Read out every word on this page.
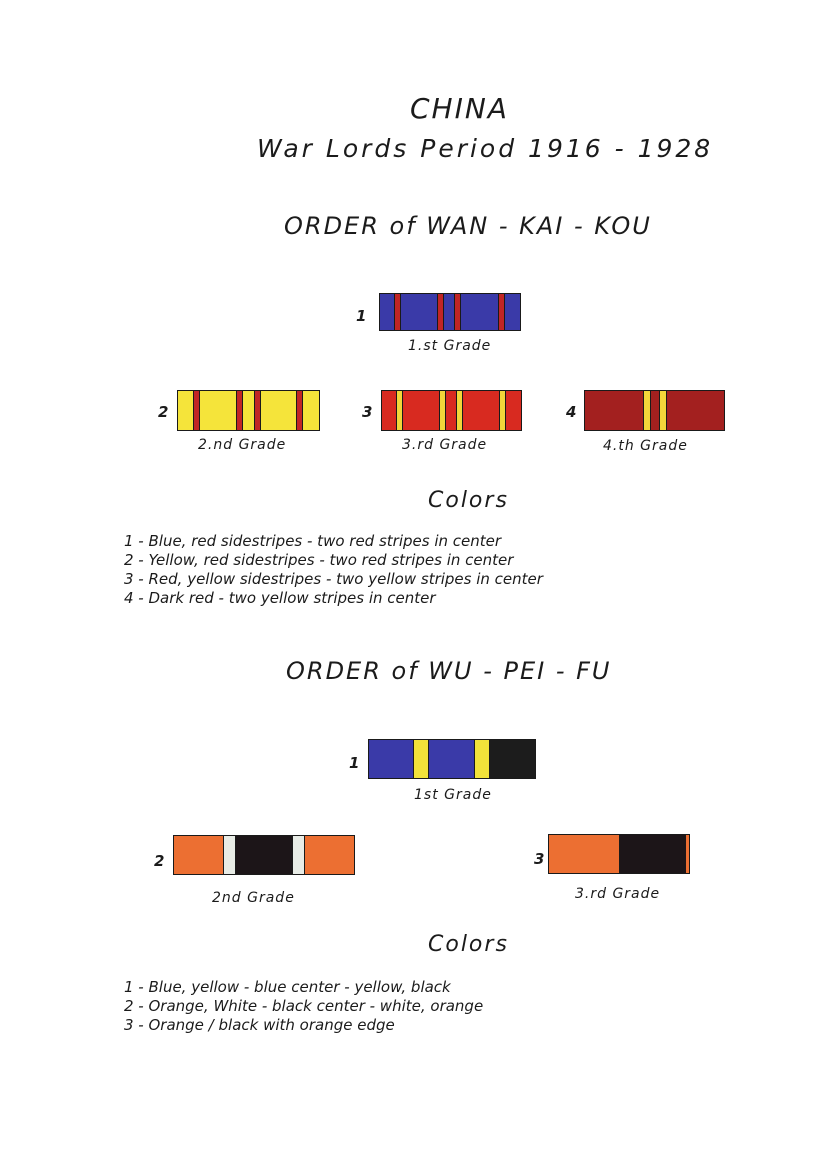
CHINA
War Lords Period 1916 - 1928
ORDER of WAN - KAI - KOU
1
1.st Grade
2
2.nd Grade
3
3.rd Grade
4
4.th Grade
Colors
1 - Blue, red sidestripes - two red stripes in center
2 - Yellow, red sidestripes - two red stripes in center
3 - Red, yellow sidestripes - two yellow stripes in center
4 - Dark red - two yellow stripes in center
ORDER of WU - PEI - FU
1
1st Grade
2
2nd Grade
3
3.rd Grade
Colors
1 - Blue, yellow - blue center - yellow, black
2 - Orange, White - black center - white, orange
3 - Orange / black with orange edge
